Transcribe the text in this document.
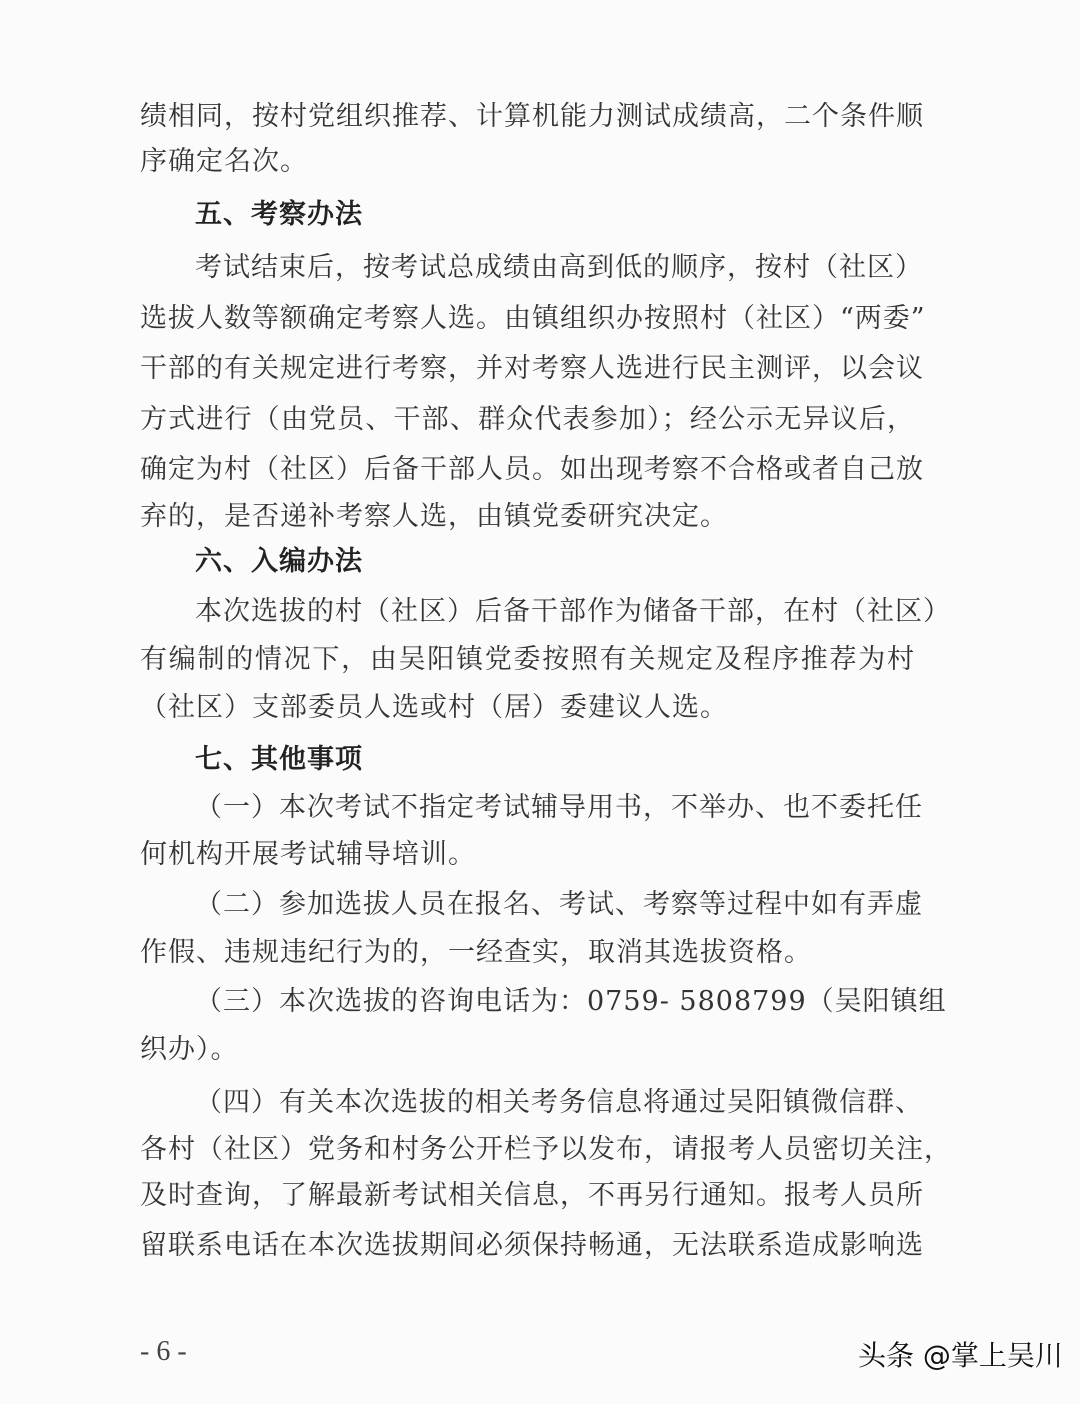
绩相同，按村党组织推荐、计算机能力测试成绩高，二个条件顺
序确定名次。
五、考察办法
考试结束后，按考试总成绩由高到低的顺序，按村（社区）
选拔人数等额确定考察人选。由镇组织办按照村（社区）“两委”
干部的有关规定进行考察，并对考察人选进行民主测评，以会议
方式进行（由党员、干部、群众代表参加）；经公示无异议后，
确定为村（社区）后备干部人员。如出现考察不合格或者自己放
弃的，是否递补考察人选，由镇党委研究决定。
六、入编办法
本次选拔的村（社区）后备干部作为储备干部，在村（社区）
有编制的情况下，由吴阳镇党委按照有关规定及程序推荐为村
（社区）支部委员人选或村（居）委建议人选。
七、其他事项
（一）本次考试不指定考试辅导用书，不举办、也不委托任
何机构开展考试辅导培训。
（二）参加选拔人员在报名、考试、考察等过程中如有弄虚
作假、违规违纪行为的，一经查实，取消其选拔资格。
（三）本次选拔的咨询电话为：0759- 5808799（吴阳镇组
织办）。
（四）有关本次选拔的相关考务信息将通过吴阳镇微信群、
各村（社区）党务和村务公开栏予以发布，请报考人员密切关注，
及时查询，了解最新考试相关信息，不再另行通知。报考人员所
留联系电话在本次选拔期间必须保持畅通，无法联系造成影响选
- 6 -	头条 @掌上吴川
